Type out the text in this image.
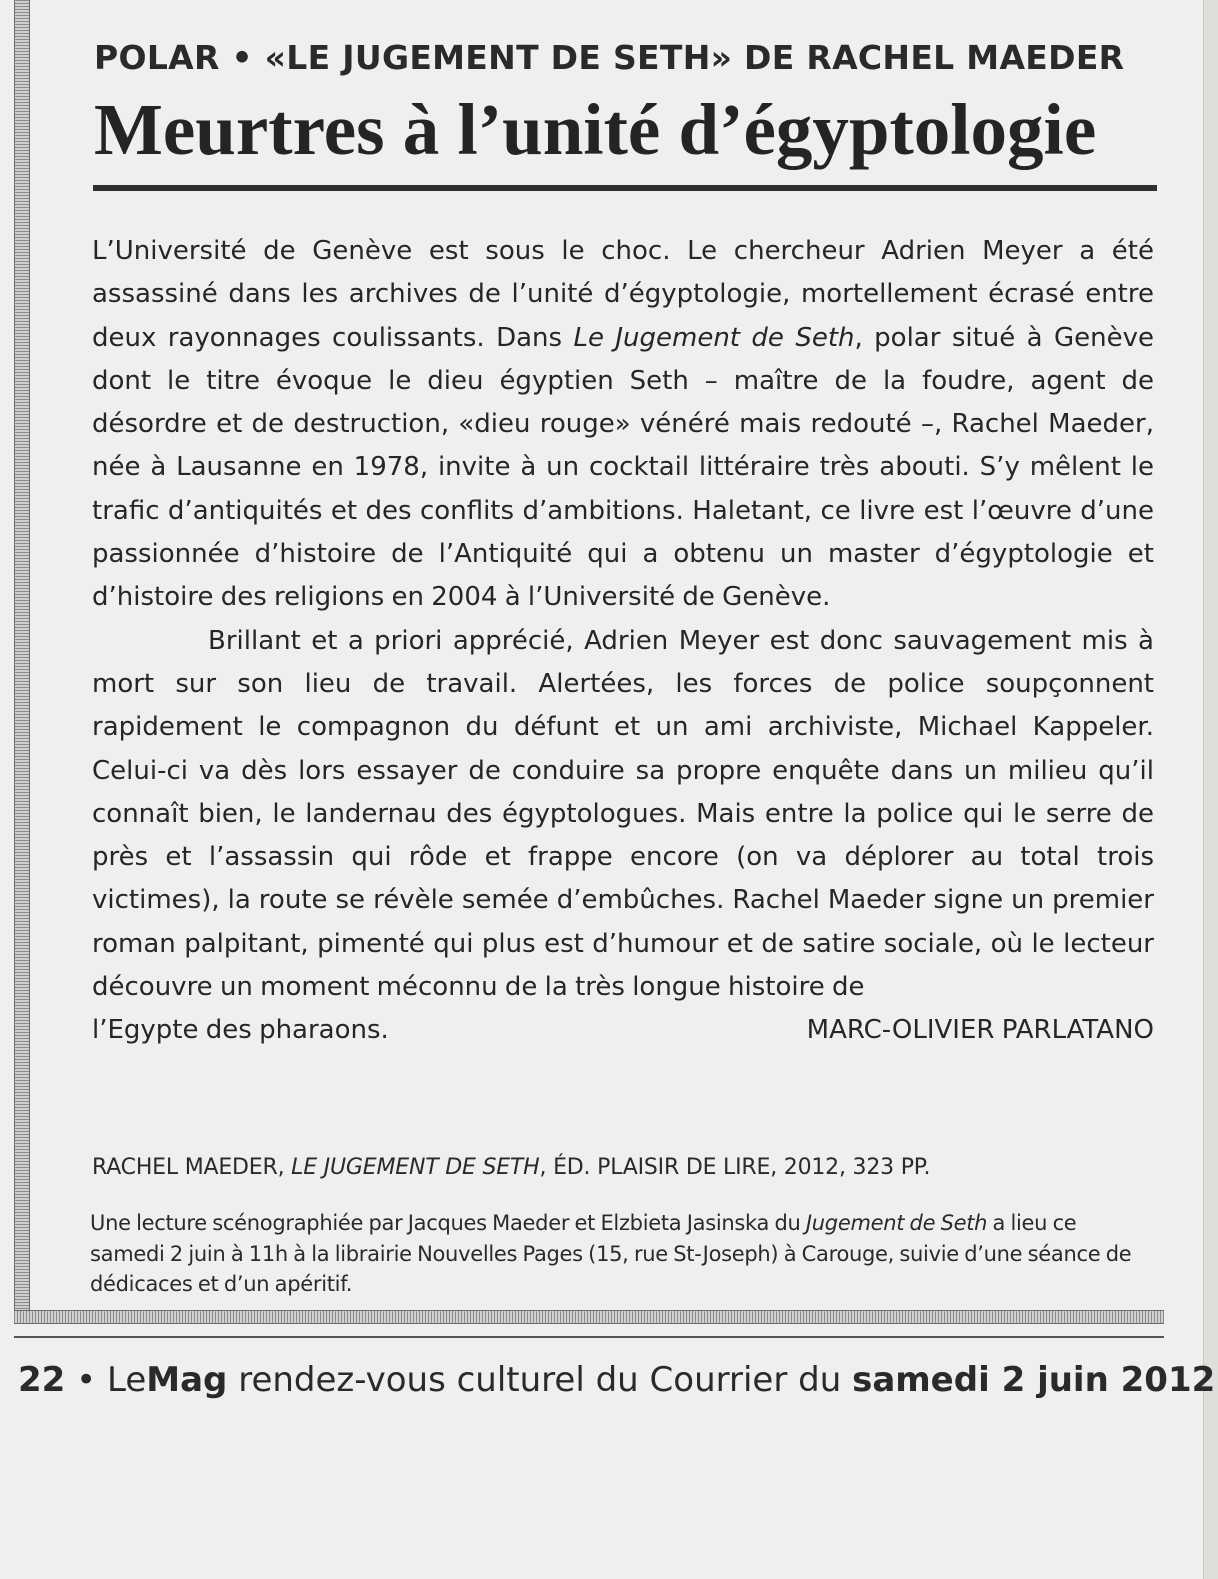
POLAR • «LE JUGEMENT DE SETH» DE RACHEL MAEDER
Meurtres à l’unité d’égyptologie

L’Université de Genève est sous le choc. Le chercheur Adrien Meyer a été assassiné dans les archives de l’unité d’égyptologie, mortellement écrasé entre deux rayonnages coulissants. Dans Le Jugement de Seth, polar situé à Genève dont le titre évoque le dieu égyptien Seth – maître de la foudre, agent de désordre et de destruction, «dieu rouge» vénéré mais redouté –, Rachel Maeder, née à Lausanne en 1978, invite à un cocktail littéraire très abouti. S’y mêlent le trafic d’antiquités et des conflits d’ambitions. Haletant, ce livre est l’œuvre d’une passionnée d’histoire de l’Antiquité qui a obtenu un master d’égyptologie et d’histoire des religions en 2004 à l’Université de Genève.

Brillant et a priori apprécié, Adrien Meyer est donc sauvagement mis à mort sur son lieu de travail. Alertées, les forces de police soupçonnent rapidement le compagnon du défunt et un ami archiviste, Michael Kappeler. Celui-ci va dès lors essayer de conduire sa propre enquête dans un milieu qu’il connaît bien, le landernau des égyptologues. Mais entre la police qui le serre de près et l’assassin qui rôde et frappe encore (on va déplorer au total trois victimes), la route se révèle semée d’embûches. Rachel Maeder signe un premier roman palpitant, pimenté qui plus est d’humour et de satire sociale, où le lecteur découvre un moment méconnu de la très longue histoire de

l’Egypte des pharaons.	MARC-OLIVIER PARLATANO

RACHEL MAEDER, LE JUGEMENT DE SETH, ÉD. PLAISIR DE LIRE, 2012, 323 PP.

Une lecture scénographiée par Jacques Maeder et Elzbieta Jasinska du Jugement de Seth a lieu ce samedi 2 juin à 11h à la librairie Nouvelles Pages (15, rue St-Joseph) à Carouge, suivie d’une séance de dédicaces et d’un apéritif.

22 • LeMag rendez-vous culturel du Courrier du samedi 2 juin 2012
